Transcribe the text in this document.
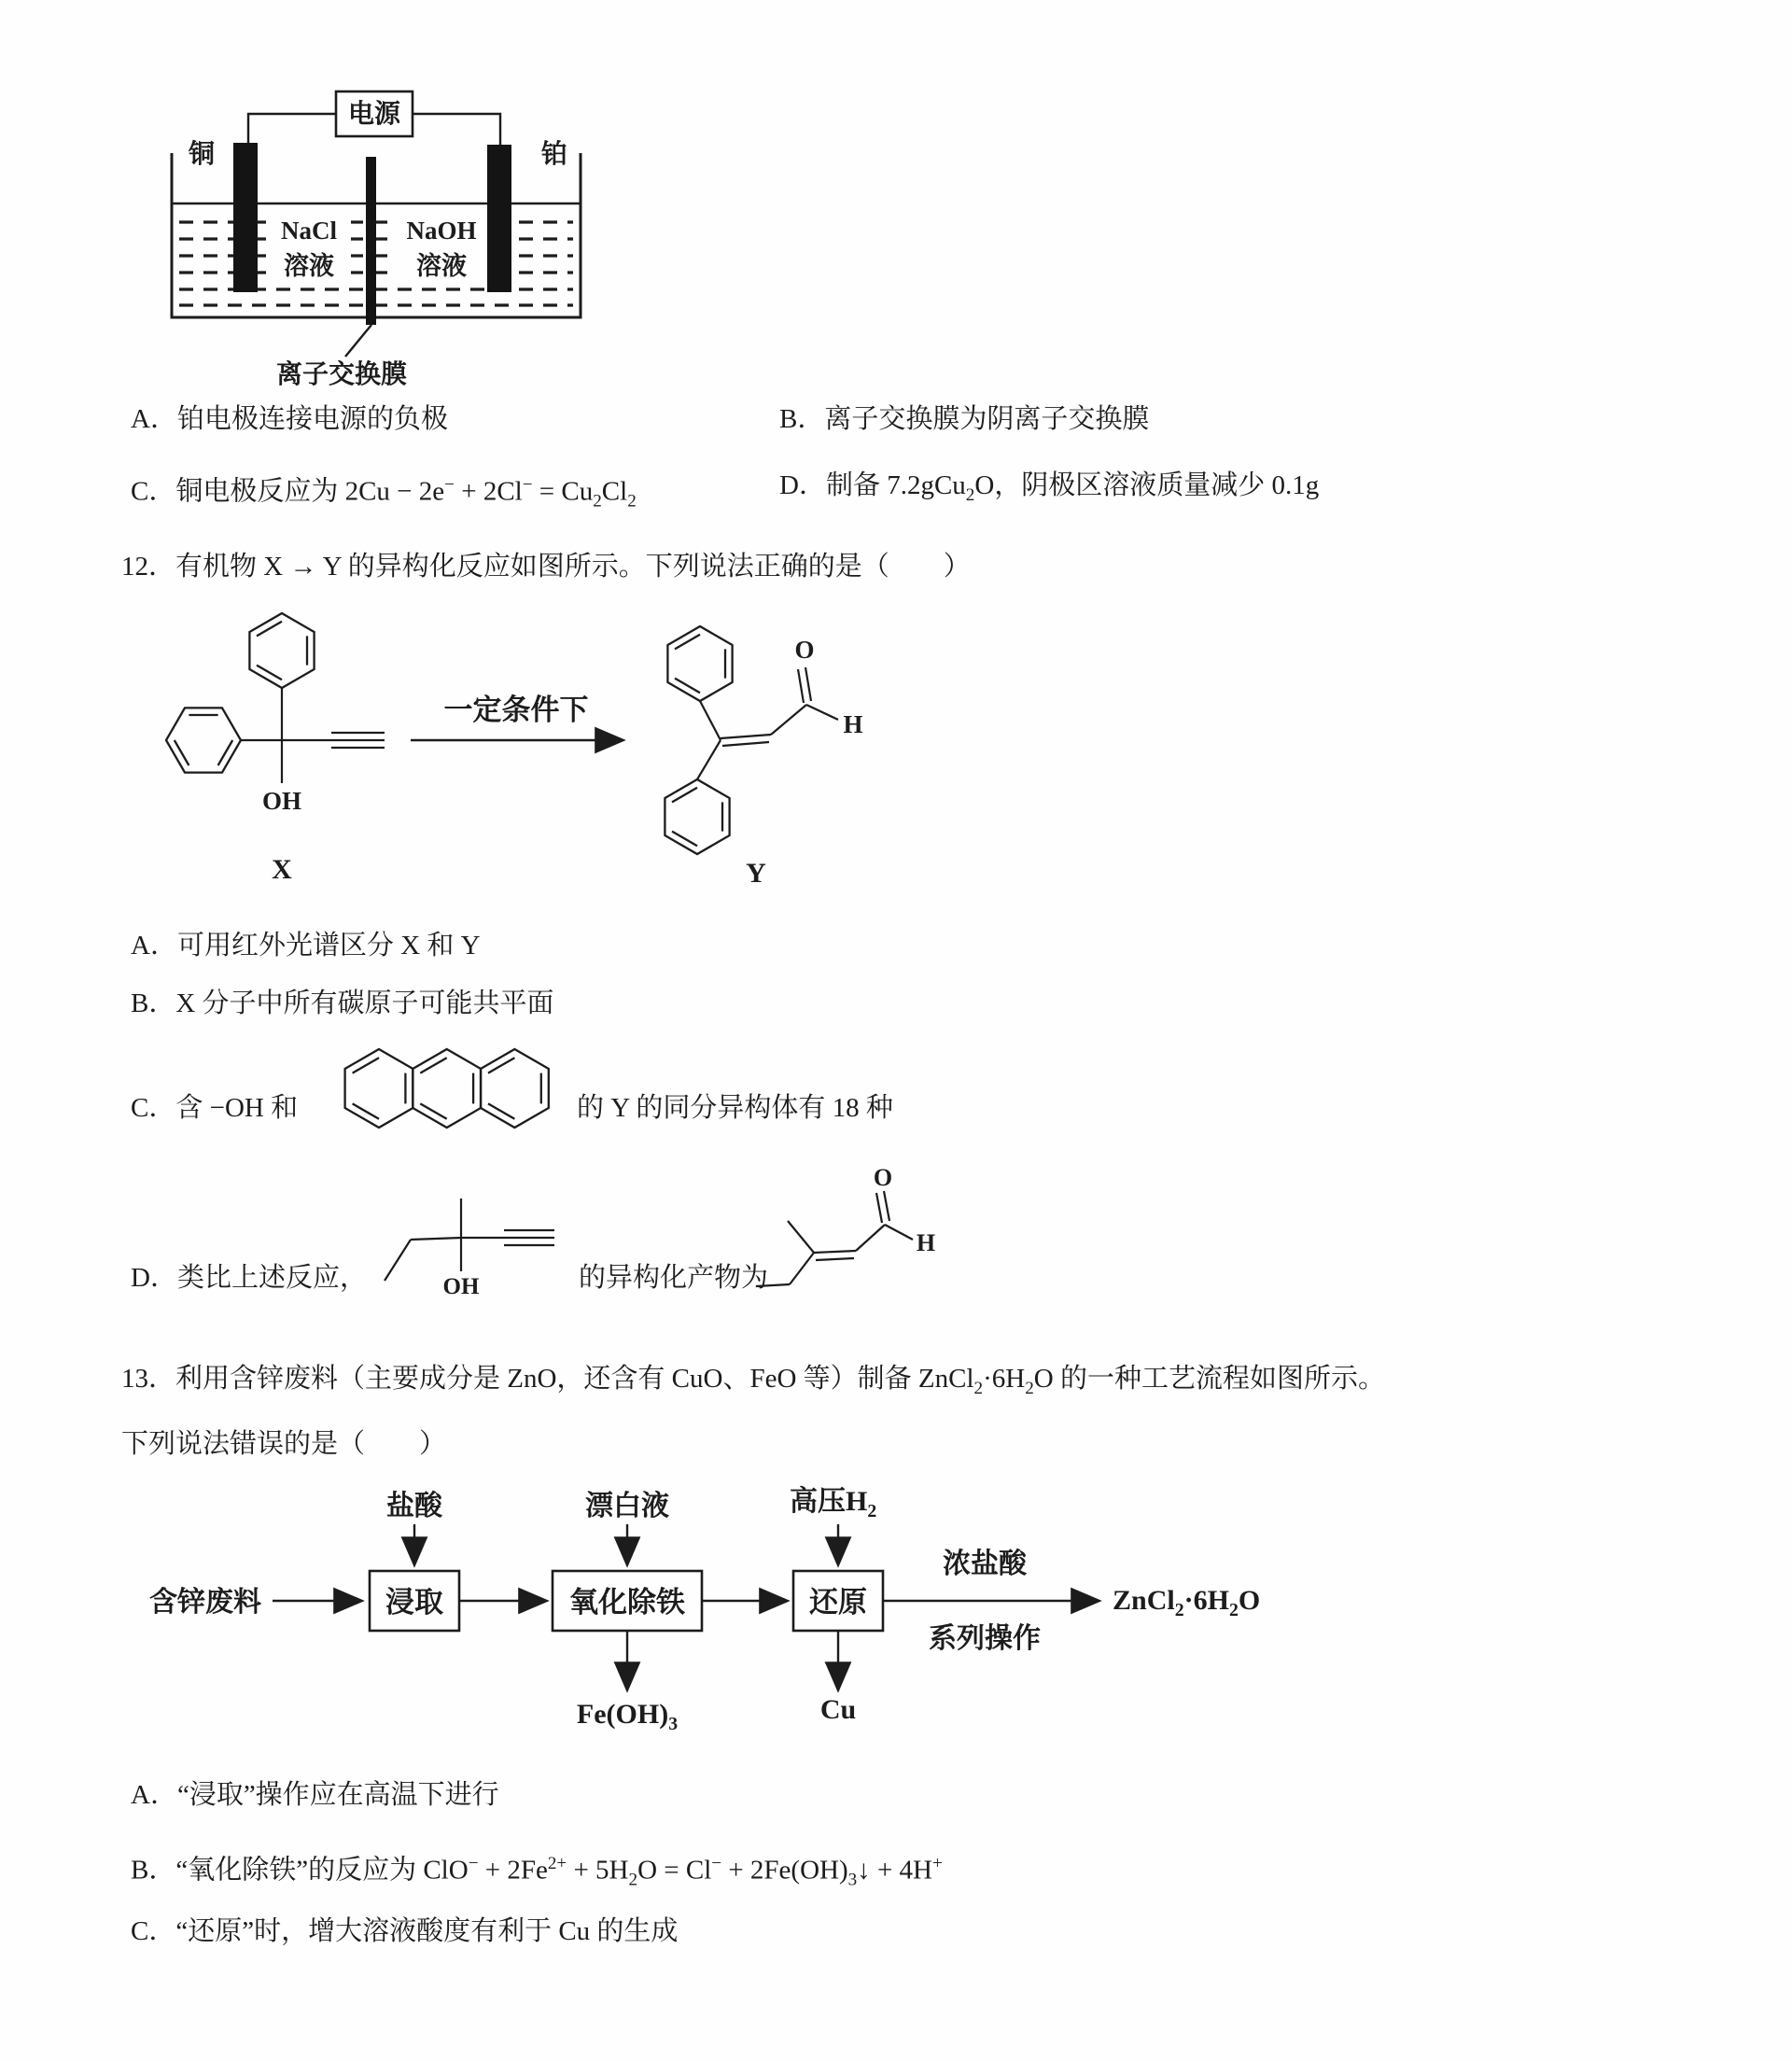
电源
铜	铂
NaCl
溶液
NaOH
溶液
离子交换膜
A．铂电极连接电源的负极	B．离子交换膜为阴离子交换膜
C．铜电极反应为 $2Cu - 2e^- + 2Cl^- = Cu_2Cl_2$
D．制备 7.2gCu$_2$O，阴极区溶液质量减少 0.1g
12．有机物 X → Y 的异构化反应如图所示。下列说法正确的是（　　）
OH
X
一定条件下
O
H
Y
A．可用红外光谱区分 X 和 Y
B．X 分子中所有碳原子可能共平面
C．含 −OH 和	的 Y 的同分异构体有 18 种
D．类比上述反应，	OH	的异构化产物为
O
H
13．利用含锌废料（主要成分是 ZnO，还含有 CuO、FeO 等）制备 $ZnCl_2\cdot 6H_2O$ 的一种工艺流程如图所示。
下列说法错误的是（　　）
含锌废料	浸取
盐酸
氧化除铁
漂白液
还原
Cu
浓盐酸
系列操作
高压$H_2$
$Fe(OH)_3$
$ZnCl_2\cdot 6H_2O$
A．“浸取”操作应在高温下进行
B．“氧化除铁”的反应为 $ClO^- + 2Fe^{2+} + 5H_2O = Cl^-$ + $2Fe(OH)_3↓ + 4H^+$
C．“还原”时，增大溶液酸度有利于 Cu 的生成
